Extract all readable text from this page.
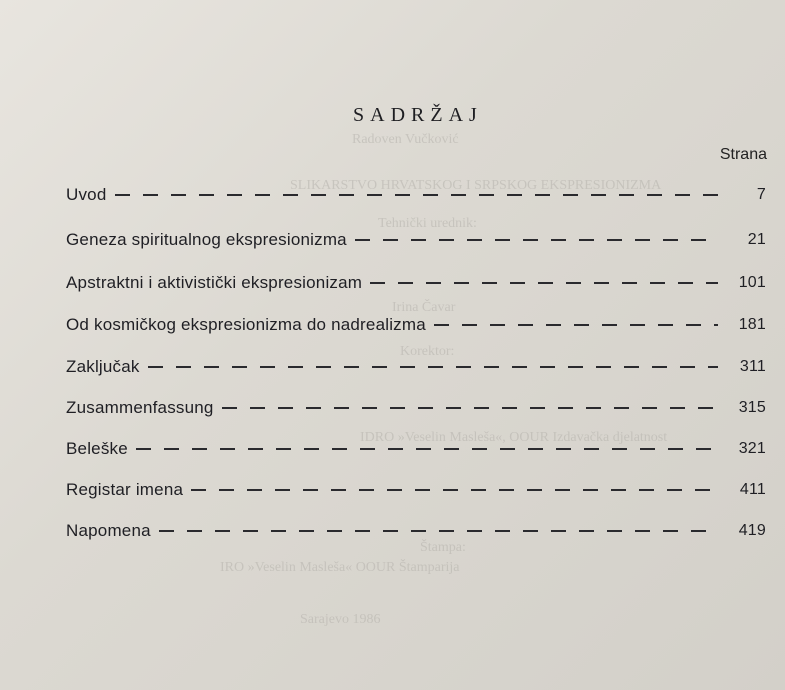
Radoven Vučković
SLIKARSTVO HRVATSKOG I SRPSKOG EKSPRESIONIZMA
Tehnički urednik:
Irina Čavar
Korektor:
IDRO »Veselin Masleša«, OOUR Izdavačka djelatnost
Štampa:
IRO »Veselin Masleša« OOUR Štamparija
Sarajevo 1986
SADRŽAJ
Strana
Uvod	7
Geneza spiritualnog ekspresionizma	21
Apstraktni i aktivistički ekspresionizam	101
Od kosmičkog ekspresionizma do nadrealizma	181
Zaključak	311
Zusammenfassung	315
Beleške	321
Registar imena	411
Napomena	419
